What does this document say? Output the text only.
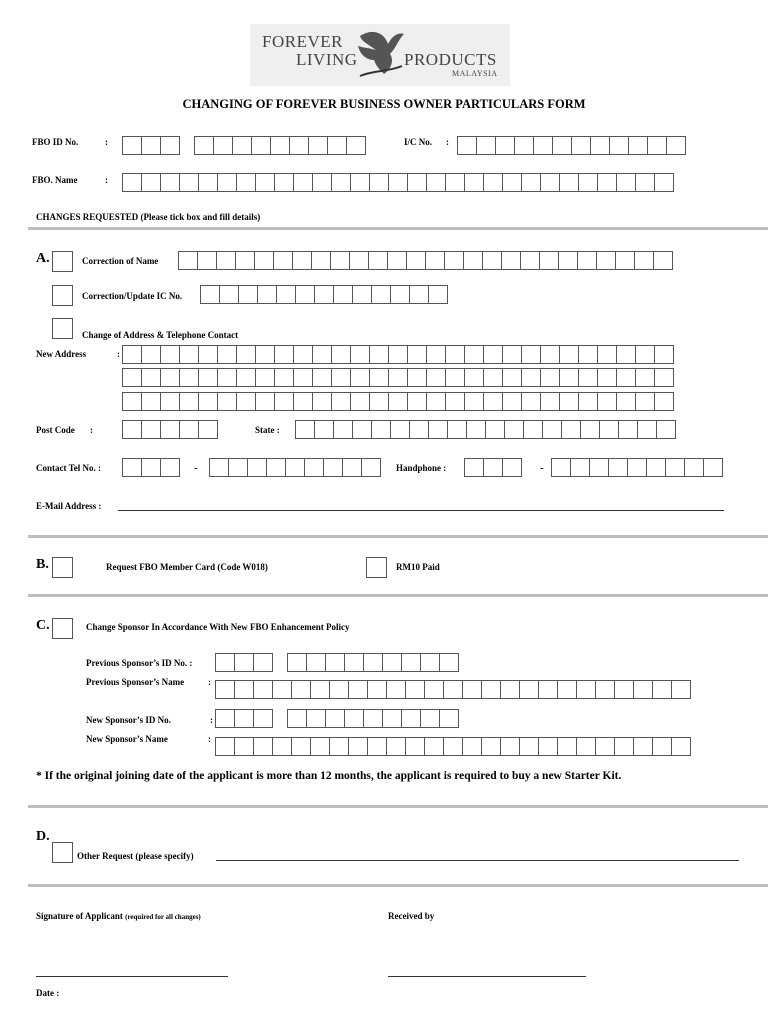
FOREVER
LIVING	PRODUCTS
MALAYSIA
CHANGING OF FOREVER BUSINESS OWNER PARTICULARS FORM
FBO ID No.	:	I/C No. :
FBO. Name	:
CHANGES REQUESTED (Please tick box and fill details)
A.	Correction of Name
Correction/Update IC No.
Change of Address & Telephone Contact
New Address	:
Post Code :	State :
Contact Tel No. :	-	Handphone :	-
E-Mail Address :
B.	Request FBO Member Card (Code W018)	RM10 Paid
C.	Change Sponsor In Accordance With New FBO Enhancement Policy
Previous Sponsor’s ID No. :
Previous Sponsor’s Name	:
New Sponsor’s ID No.	:
New Sponsor’s Name	:
* If the original joining date of the applicant is more than 12 months, the applicant is required to buy a new Starter Kit.
D.
Other Request (please specify)
Signature of Applicant (required for all changes)	Received by
Date :
